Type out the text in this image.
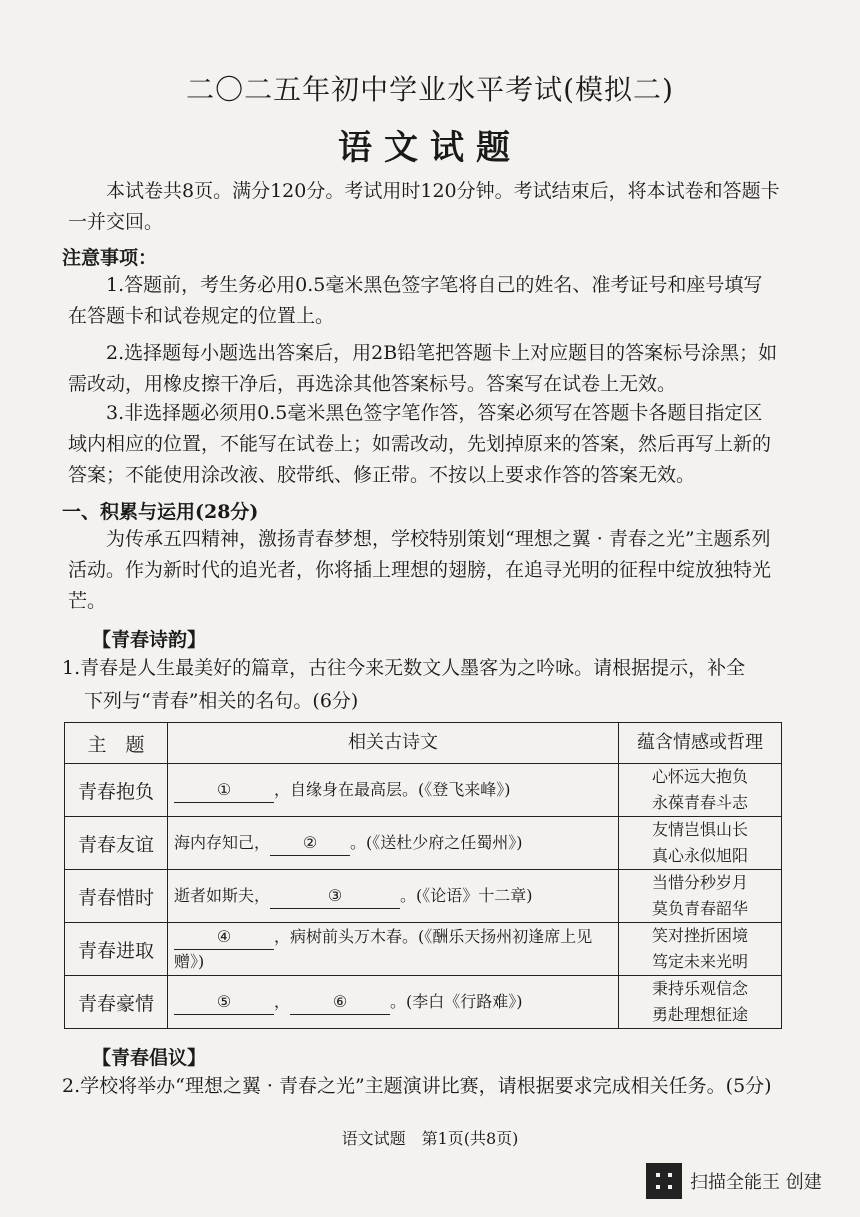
二〇二五年初中学业水平考试(模拟二)
语文试题
本试卷共8页。满分120分。考试用时120分钟。考试结束后，将本试卷和答题卡一并交回。
注意事项：
1.答题前，考生务必用0.5毫米黑色签字笔将自己的姓名、准考证号和座号填写在答题卡和试卷规定的位置上。
2.选择题每小题选出答案后，用2B铅笔把答题卡上对应题目的答案标号涂黑；如需改动，用橡皮擦干净后，再选涂其他答案标号。答案写在试卷上无效。
3.非选择题必须用0.5毫米黑色签字笔作答，答案必须写在答题卡各题目指定区域内相应的位置，不能写在试卷上；如需改动，先划掉原来的答案，然后再写上新的答案；不能使用涂改液、胶带纸、修正带。不按以上要求作答的答案无效。
一、积累与运用(28分)
为传承五四精神，激扬青春梦想，学校特别策划“理想之翼 · 青春之光”主题系列活动。作为新时代的追光者，你将插上理想的翅膀，在追寻光明的征程中绽放独特光芒。
【青春诗韵】
1.青春是人生最美好的篇章，古往今来无数文人墨客为之吟咏。请根据提示，补全
下列与“青春”相关的名句。(6分)
主　题	相关古诗文	蕴含情感或哲理
青春抱负	① ，自缘身在最高层。(《登飞来峰》)	心怀远大抱负
永葆青春斗志

青春友谊	海内存知己， ② 。(《送杜少府之任蜀州》)	友情岂惧山长
真心永似旭阳

青春惜时	逝者如斯夫， ③ 。(《论语》十二章)	当惜分秒岁月
莫负青春韶华

青春进取	④ ，病树前头万木春。(《酬乐天扬州初逢席上见赠》)	笑对挫折困境
笃定未来光明

青春豪情	⑤ ， ⑥ 。(李白《行路难》)	秉持乐观信念
勇赴理想征途
【青春倡议】
2.学校将举办“理想之翼 · 青春之光”主题演讲比赛，请根据要求完成相关任务。(5分)
语文试题　第1页(共8页)
扫描全能王 创建
